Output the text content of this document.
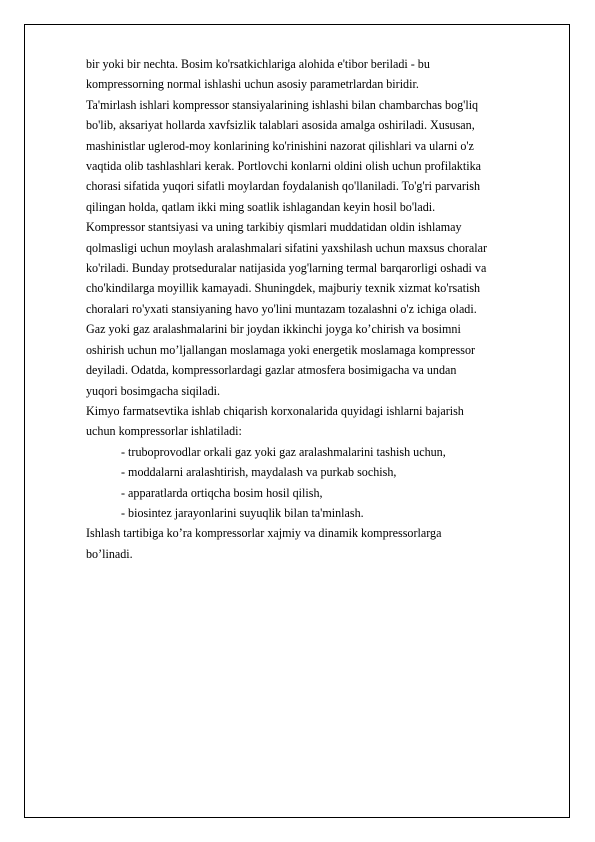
bir yoki bir nechta. Bosim ko'rsatkichlariga alohida e'tibor beriladi - bu
kompressorning normal ishlashi uchun asosiy parametrlardan biridir.

Ta'mirlash ishlari kompressor stansiyalarining ishlashi bilan chambarchas bog'liq
bo'lib, aksariyat hollarda xavfsizlik talablari asosida amalga oshiriladi. Xususan,
mashinistlar uglerod-moy konlarining ko'rinishini nazorat qilishlari va ularni o'z
vaqtida olib tashlashlari kerak. Portlovchi konlarni oldini olish uchun profilaktika
chorasi sifatida yuqori sifatli moylardan foydalanish qo'llaniladi. To'g'ri parvarish
qilingan holda, qatlam ikki ming soatlik ishlagandan keyin hosil bo'ladi.

Kompressor stantsiyasi va uning tarkibiy qismlari muddatidan oldin ishlamay
qolmasligi uchun moylash aralashmalari sifatini yaxshilash uchun maxsus choralar
ko'riladi. Bunday protseduralar natijasida yog'larning termal barqarorligi oshadi va
cho'kindilarga moyillik kamayadi. Shuningdek, majburiy texnik xizmat ko'rsatish
choralari ro'yxati stansiyaning havo yo'lini muntazam tozalashni o'z ichiga oladi.

Gaz yoki gaz aralashmalarini bir joydan ikkinchi joyga ko’chirish va bosimni
oshirish uchun mo’ljallangan moslamaga yoki energetik moslamaga kompressor
deyiladi. Odatda, kompressorlardagi gazlar atmosfera bosimigacha va undan
yuqori bosimgacha siqiladi.

Kimyo farmatsevtika ishlab chiqarish korxonalarida quyidagi ishlarni bajarish
uchun kompressorlar ishlatiladi:

- truboprovodlar orkali gaz yoki gaz aralashmalarini tashish uchun,
- moddalarni aralashtirish, maydalash va purkab sochish,
- apparatlarda ortiqcha bosim hosil qilish,
- biosintez jarayonlarini suyuqlik bilan ta'minlash.

Ishlash tartibiga ko’ra kompressorlar xajmiy va dinamik kompressorlarga
bo’linadi.
